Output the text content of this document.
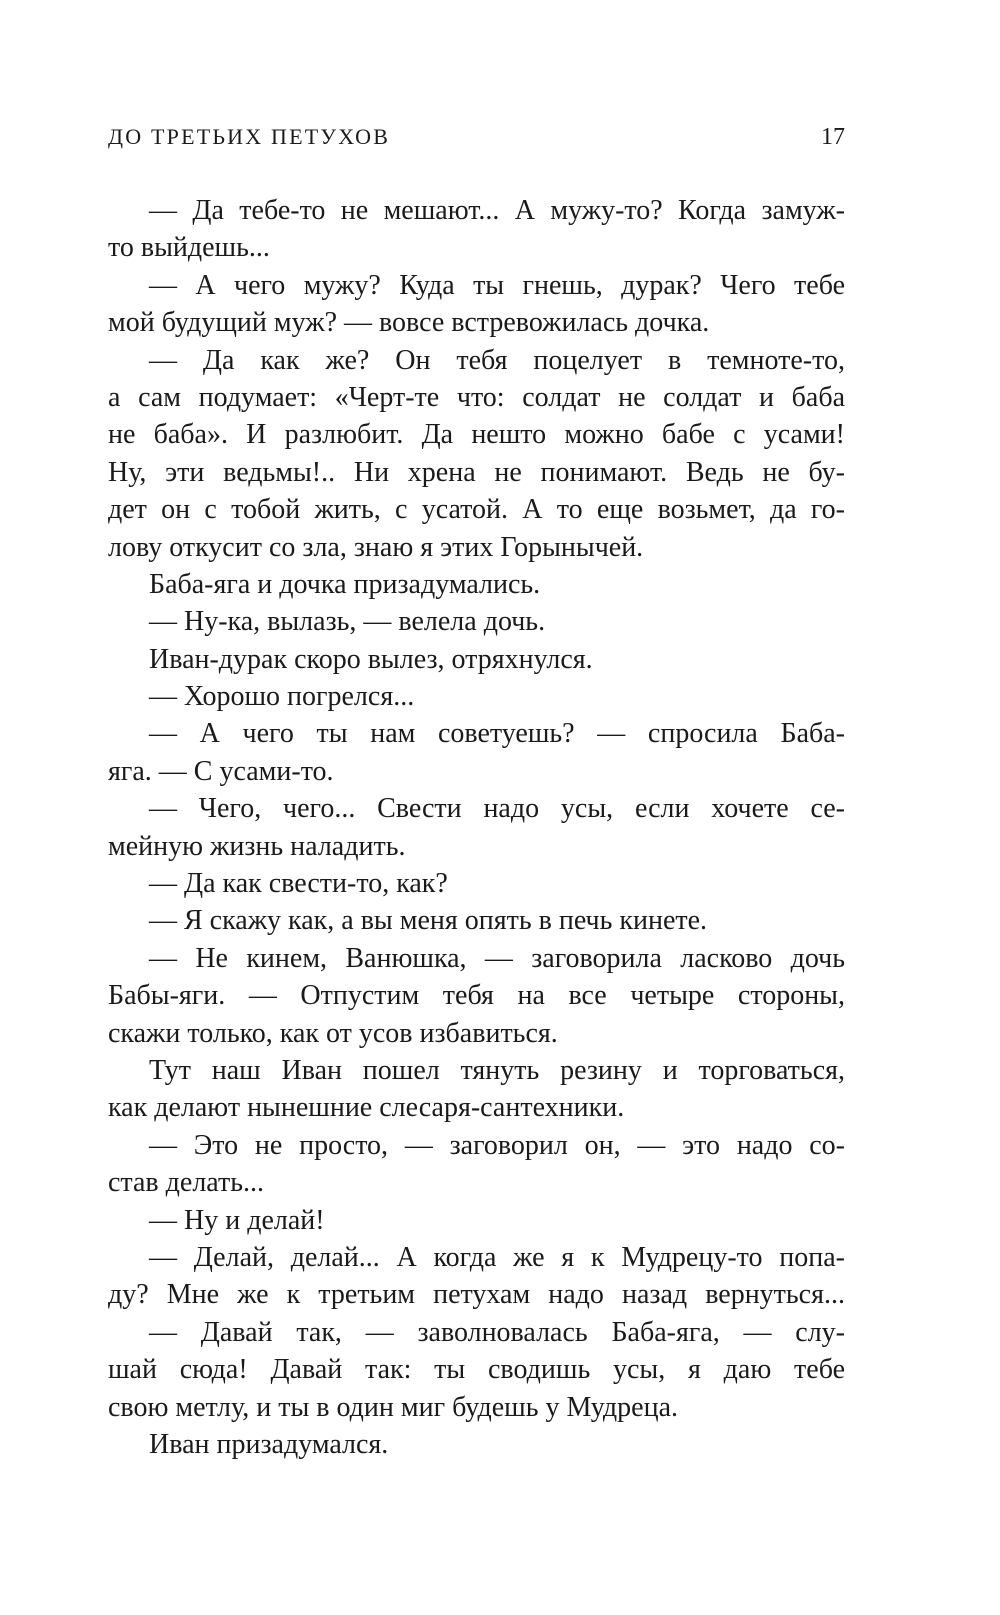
ДО ТРЕТЬИХ ПЕТУХОВ	17
— Да тебе-то не мешают... А мужу-то? Когда замуж-
то выйдешь...
— А чего мужу? Куда ты гнешь, дурак? Чего тебе
мой будущий муж? — вовсе встревожилась дочка.
— Да как же? Он тебя поцелует в темноте-то,
а сам подумает: «Черт-те что: солдат не солдат и баба
не баба». И разлюбит. Да нешто можно бабе с усами!
Ну, эти ведьмы!.. Ни хрена не понимают. Ведь не бу-
дет он с тобой жить, с усатой. А то еще возьмет, да го-
лову откусит со зла, знаю я этих Горынычей.
Баба-яга и дочка призадумались.
— Ну-ка, вылазь, — велела дочь.
Иван-дурак скоро вылез, отряхнулся.
— Хорошо погрелся...
— А чего ты нам советуешь? — спросила Баба-
яга. — С усами-то.
— Чего, чего... Свести надо усы, если хочете се-
мейную жизнь наладить.
— Да как свести-то, как?
— Я скажу как, а вы меня опять в печь кинете.
— Не кинем, Ванюшка, — заговорила ласково дочь
Бабы-яги. — Отпустим тебя на все четыре стороны,
скажи только, как от усов избавиться.
Тут наш Иван пошел тянуть резину и торговаться,
как делают нынешние слесаря-сантехники.
— Это не просто, — заговорил он, — это надо со-
став делать...
— Ну и делай!
— Делай, делай... А когда же я к Мудрецу-то попа-
ду? Мне же к третьим петухам надо назад вернуться...
— Давай так, — заволновалась Баба-яга, — слу-
шай сюда! Давай так: ты сводишь усы, я даю тебе
свою метлу, и ты в один миг будешь у Мудреца.
Иван призадумался.
